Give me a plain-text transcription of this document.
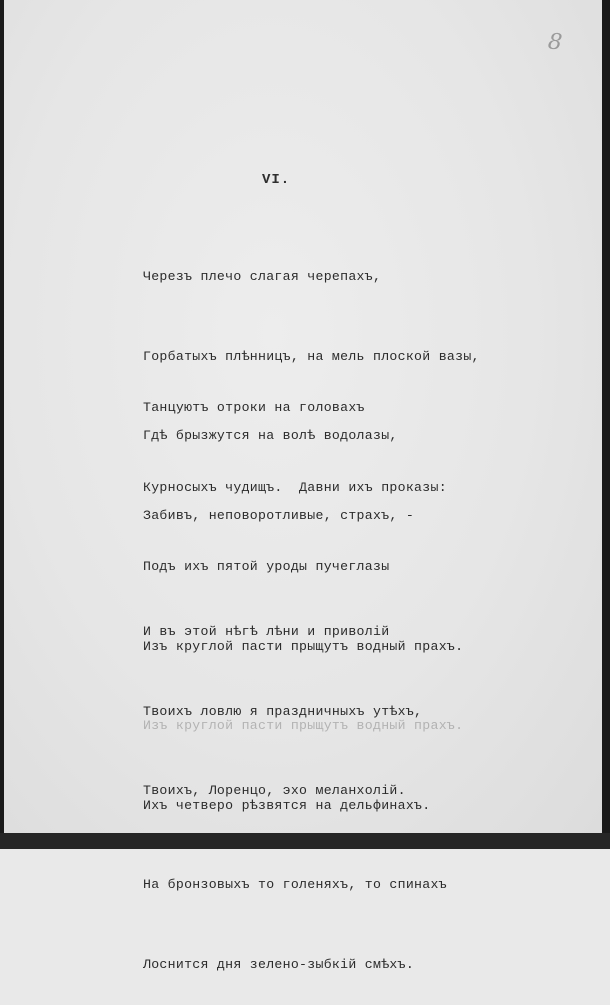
8
VI.

Черезъ плечо слагая черепахъ,

Горбатыхъ плѣнницъ, на мель плоской вазы,

Гдѣ брызжутся на волѣ водолазы,

Забивъ, неповоротливые, страхъ, -

Танцуютъ отроки на головахъ

Курносыхъ чудищъ.  Давни ихъ проказы:

Подъ ихъ пятой уроды пучеглазы

Изъ круглой пасти прыщутъ водный прахъ.

Изъ круглой пасти прыщутъ водный прахъ.

Ихъ четверо рѣзвятся на дельфинахъ.

На бронзовыхъ то голеняхъ, то спинахъ

Лоснится дня зелено-зыбкій смѣхъ.

И въ этой нѣгѣ лѣни и приволій

Твоихъ ловлю я праздничныхъ утѣхъ,

Твоихъ, Лоренцо, эхо меланхолій.
